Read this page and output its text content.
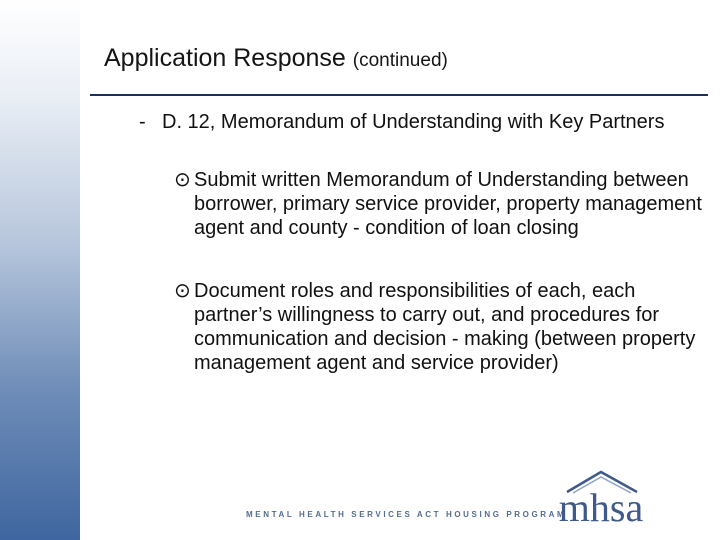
Application Response (continued)
- D. 12, Memorandum of Understanding with Key Partners

⊙ Submit written Memorandum of Understanding between borrower, primary service provider, property management agent and county - condition of loan closing
⊙ Document roles and responsibilities of each, each partner’s willingness to carry out, and procedures for communication and decision - making (between property management agent and service provider)
MENTAL HEALTH SERVICES ACT HOUSING PROGRAM
mhsa
